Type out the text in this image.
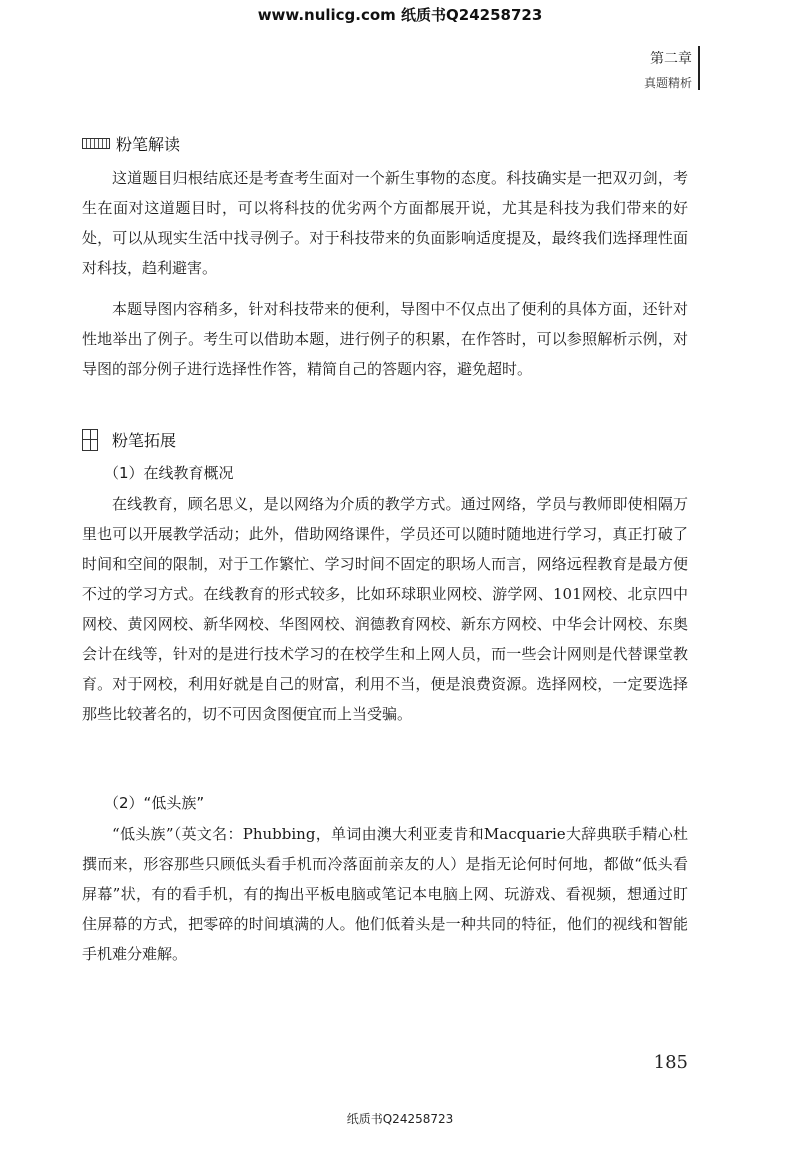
www.nulicg.com 纸质书Q24258723
第二章
真题精析
粉笔解读

这道题目归根结底还是考查考生面对一个新生事物的态度。科技确实是一把双刃剑，考生在面对这道题目时，可以将科技的优劣两个方面都展开说，尤其是科技为我们带来的好处，可以从现实生活中找寻例子。对于科技带来的负面影响适度提及，最终我们选择理性面对科技，趋利避害。

本题导图内容稍多，针对科技带来的便利，导图中不仅点出了便利的具体方面，还针对性地举出了例子。考生可以借助本题，进行例子的积累，在作答时，可以参照解析示例，对导图的部分例子进行选择性作答，精简自己的答题内容，避免超时。

粉笔拓展
（1）在线教育概况

在线教育，顾名思义，是以网络为介质的教学方式。通过网络，学员与教师即使相隔万里也可以开展教学活动；此外，借助网络课件，学员还可以随时随地进行学习，真正打破了时间和空间的限制，对于工作繁忙、学习时间不固定的职场人而言，网络远程教育是最方便不过的学习方式。在线教育的形式较多，比如环球职业网校、游学网、101网校、北京四中网校、黄冈网校、新华网校、华图网校、润德教育网校、新东方网校、中华会计网校、东奥会计在线等，针对的是进行技术学习的在校学生和上网人员，而一些会计网则是代替课堂教育。对于网校，利用好就是自己的财富，利用不当，便是浪费资源。选择网校，一定要选择那些比较著名的，切不可因贪图便宜而上当受骗。

（2）“低头族”

“低头族”（英文名：Phubbing，单词由澳大利亚麦肯和Macquarie大辞典联手精心杜撰而来，形容那些只顾低头看手机而冷落面前亲友的人）是指无论何时何地，都做“低头看屏幕”状，有的看手机，有的掏出平板电脑或笔记本电脑上网、玩游戏、看视频，想通过盯住屏幕的方式，把零碎的时间填满的人。他们低着头是一种共同的特征，他们的视线和智能手机难分难解。

185
纸质书Q24258723
